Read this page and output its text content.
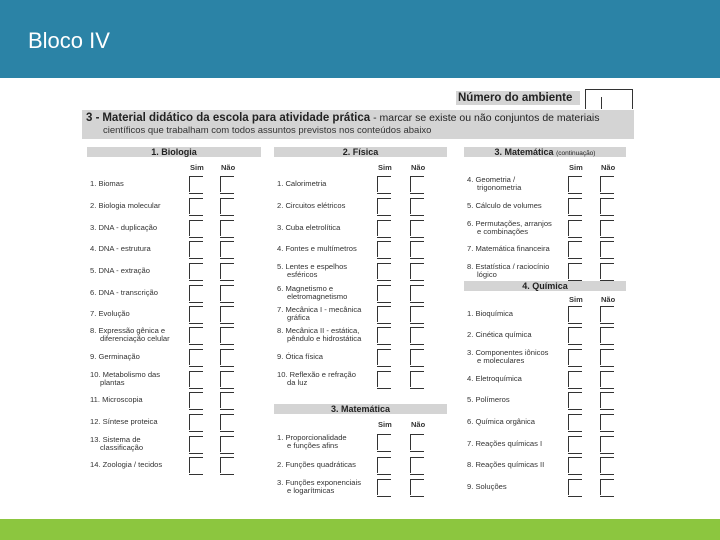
Bloco IV
Número do ambiente
3 - Material didático da escola para atividade prática - marcar se existe ou não conjuntos de materiais
científicos que trabalham com todos assuntos previstos nos conteúdos abaixo
1. Biologia
Sim Não
1. Biomas
2. Biologia molecular
3. DNA - duplicação
4. DNA - estrutura
5. DNA - extração
6. DNA - transcrição
7. Evolução
8. Expressão gênica e
diferenciação celular
9. Germinação
10. Metabolismo das
plantas
11. Microscopia
12. Síntese proteica
13. Sistema de
classificação
14. Zoologia / tecidos
2. Física
Sim	Não
1. Calorimetria
2. Circuitos elétricos
3. Cuba eletrolítica
4. Fontes e multímetros
5. Lentes e espelhos
esféricos
6. Magnetismo e
eletromagnetismo
7. Mecânica I - mecânica
gráfica
8. Mecânica II - estática,
pêndulo e hidrostática
9. Ótica física
10. Reflexão e refração
da luz
3. Matemática
Sim	Não
1. Proporcionalidade
e funções afins
2. Funções quadráticas
3. Funções exponenciais
e logarítmicas
3. Matemática (continuação)
Sim Não
4. Geometria /
trigonometria
5. Cálculo de volumes
6. Permutações, arranjos
e combinações
7. Matemática financeira
8. Estatística / raciocínio
lógico
4. Química
Sim Não
1. Bioquímica
2. Cinética química
3. Componentes iônicos
e moleculares
4. Eletroquímica
5. Polímeros
6. Química orgânica
7. Reações químicas I
8. Reações químicas II
9. Soluções
